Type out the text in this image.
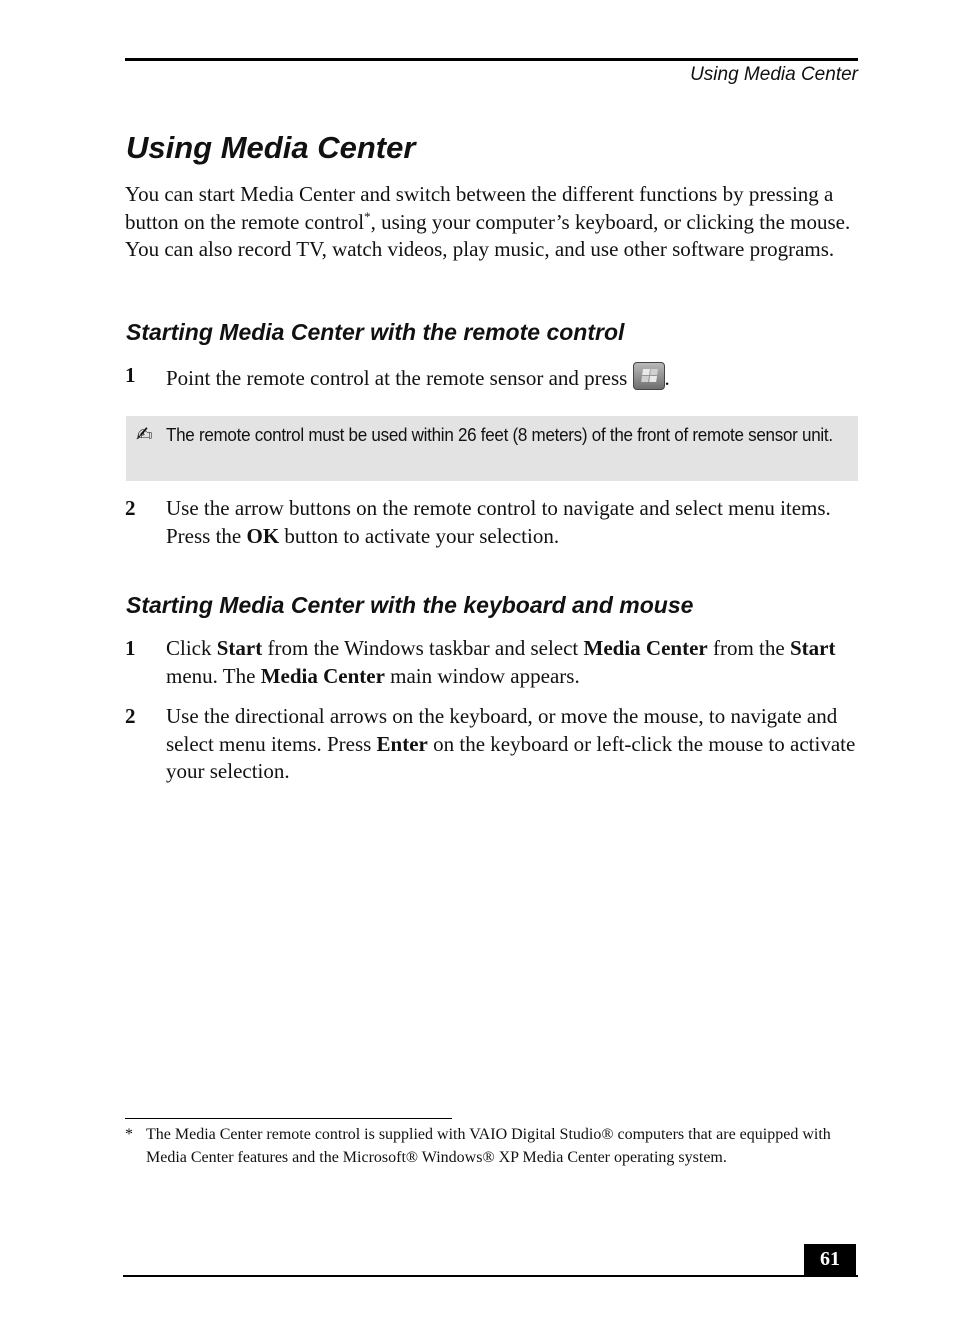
Using Media Center
Using Media Center

You can start Media Center and switch between the different functions by pressing a button on the remote control*, using your computer’s keyboard, or clicking the mouse. You can also record TV, watch videos, play music, and use other software programs.

Starting Media Center with the remote control
1 Point the remote control at the remote sensor and press .
✍ The remote control must be used within 26 feet (8 meters) of the front of remote sensor unit.
2 Use the arrow buttons on the remote control to navigate and select menu items. Press the OK button to activate your selection.
Starting Media Center with the keyboard and mouse
1 Click Start from the Windows taskbar and select Media Center from the Start menu. The Media Center main window appears.
2 Use the directional arrows on the keyboard, or move the mouse, to navigate and select menu items. Press Enter on the keyboard or left-click the mouse to activate your selection.
* The Media Center remote control is supplied with VAIO Digital Studio® computers that are equipped with Media Center features and the Microsoft® Windows® XP Media Center operating system.
61
